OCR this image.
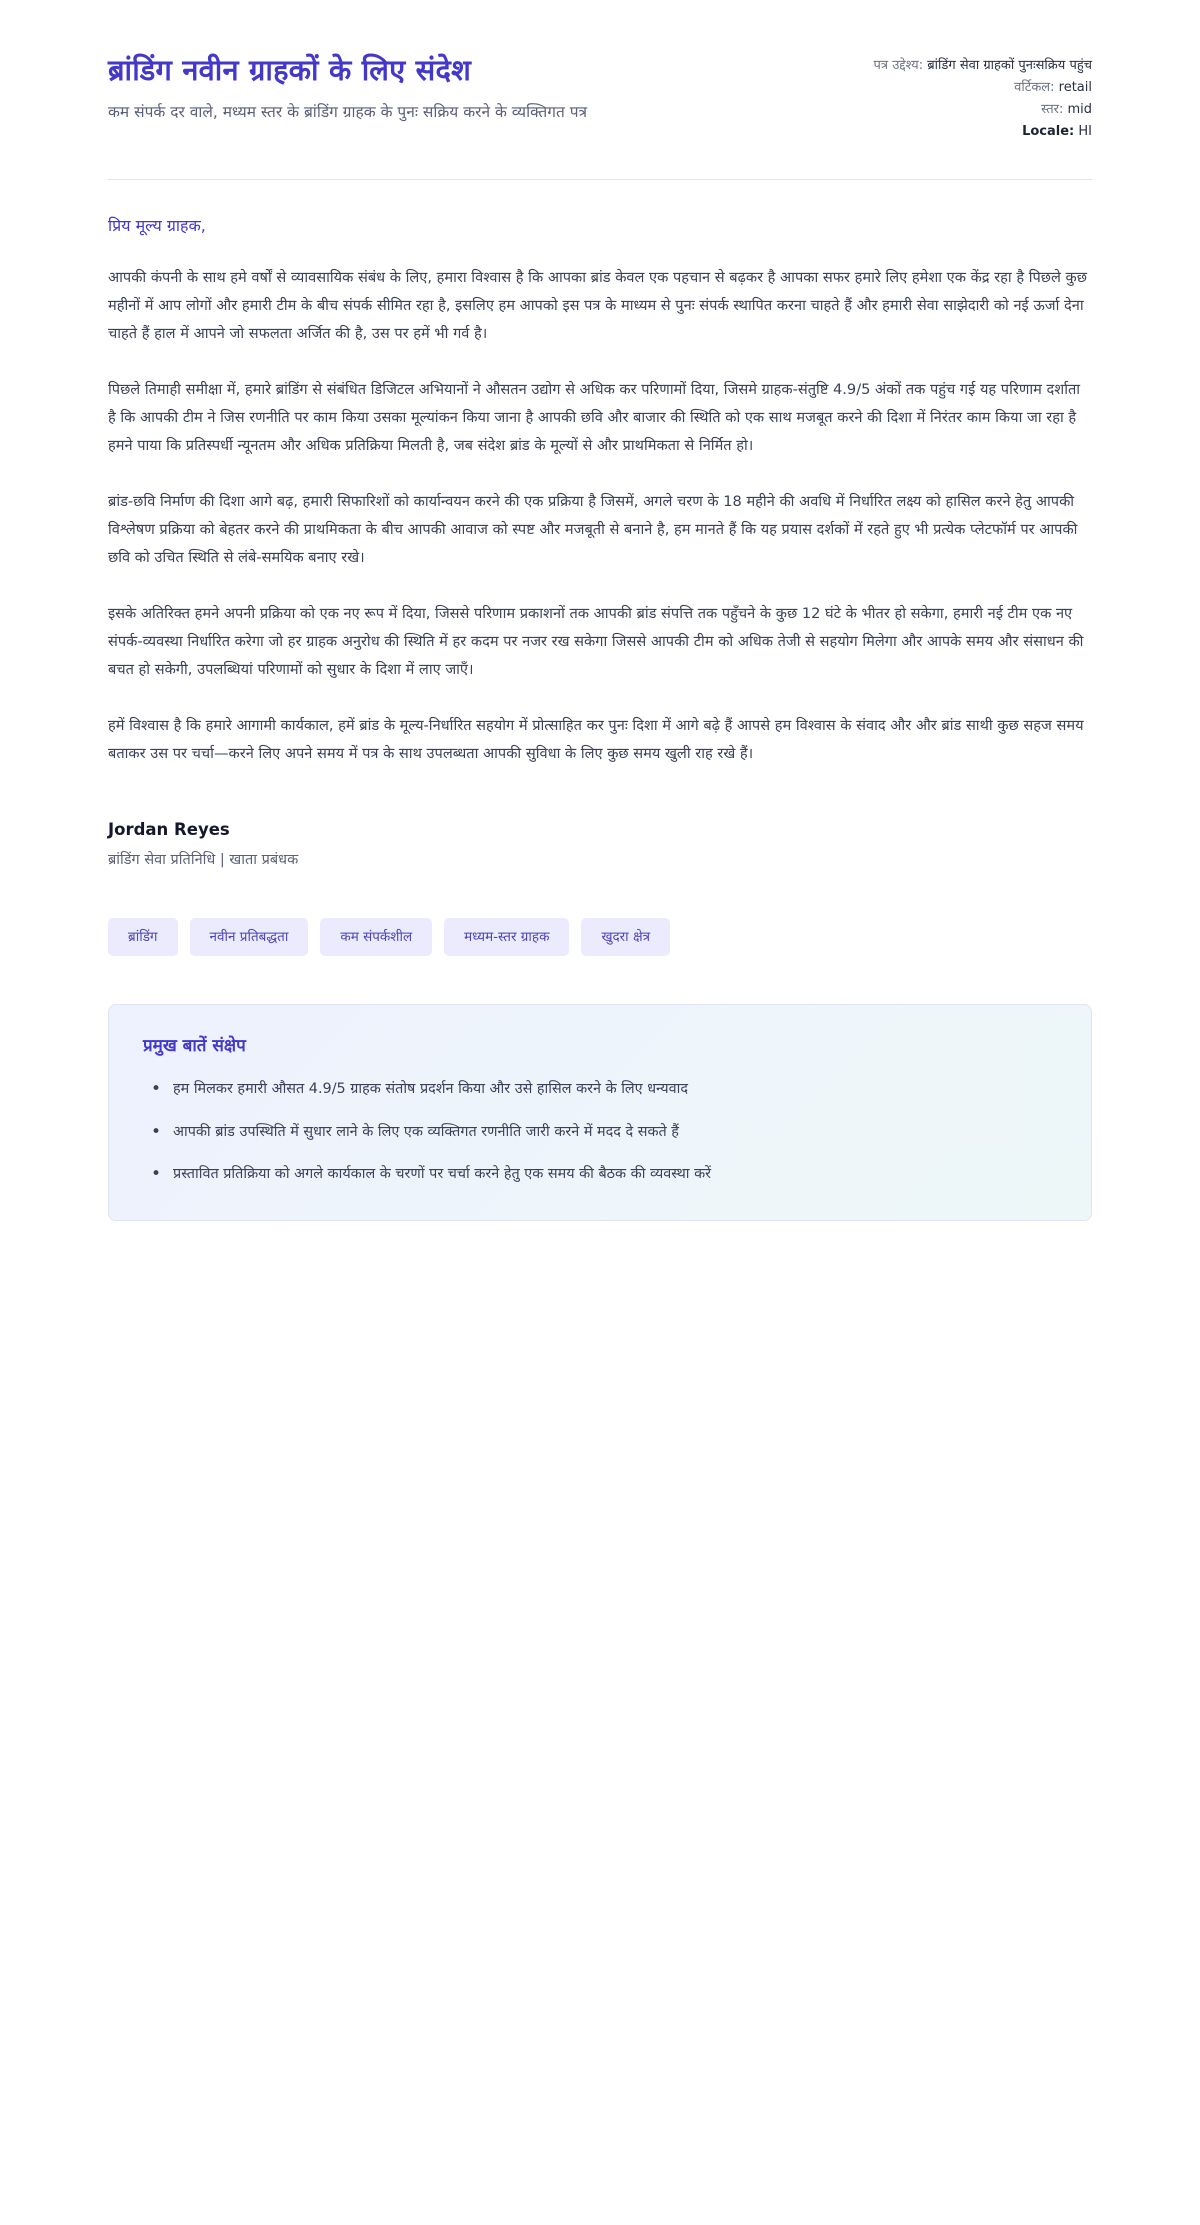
ब्रांडिंग नवीन ग्राहकों के लिए संदेश

कम संपर्क दर वाले, मध्यम स्तर के ब्रांडिंग ग्राहक के पुनः सक्रिय करने के व्यक्तिगत पत्र

पत्र उद्देश्य: ब्रांडिंग सेवा ग्राहकों पुनःसक्रिय पहुंच
वर्टिकल: retail
स्तर: mid
Locale: HI

प्रिय मूल्य ग्राहक,

आपकी कंपनी के साथ हमे वर्षों से व्यावसायिक संबंध के लिए, हमारा विश्वास है कि आपका ब्रांड केवल एक पहचान से बढ़कर है आपका सफर हमारे लिए हमेशा एक केंद्र रहा है पिछले कुछ महीनों में आप लोगों और हमारी टीम के बीच संपर्क सीमित रहा है, इसलिए हम आपको इस पत्र के माध्यम से पुनः संपर्क स्थापित करना चाहते हैं और हमारी सेवा साझेदारी को नई ऊर्जा देना चाहते हैं हाल में आपने जो सफलता अर्जित की है, उस पर हमें भी गर्व है।

पिछले तिमाही समीक्षा में, हमारे ब्रांडिंग से संबंधित डिजिटल अभियानों ने औसतन उद्योग से अधिक कर परिणामों दिया, जिसमे ग्राहक-संतुष्टि 4.9/5 अंकों तक पहुंच गई यह परिणाम दर्शाता है कि आपकी टीम ने जिस रणनीति पर काम किया उसका मूल्यांकन किया जाना है आपकी छवि और बाजार की स्थिति को एक साथ मजबूत करने की दिशा में निरंतर काम किया जा रहा है हमने पाया कि प्रतिस्पर्धी न्यूनतम और अधिक प्रतिक्रिया मिलती है, जब संदेश ब्रांड के मूल्यों से और प्राथमिकता से निर्मित हो।

ब्रांड-छवि निर्माण की दिशा आगे बढ़, हमारी सिफारिशों को कार्यान्वयन करने की एक प्रक्रिया है जिसमें, अगले चरण के 18 महीने की अवधि में निर्धारित लक्ष्य को हासिल करने हेतु आपकी विश्लेषण प्रक्रिया को बेहतर करने की प्राथमिकता के बीच आपकी आवाज को स्पष्ट और मजबूती से बनाने है, हम मानते हैं कि यह प्रयास दर्शकों में रहते हुए भी प्रत्येक प्लेटफॉर्म पर आपकी छवि को उचित स्थिति से लंबे-समयिक बनाए रखे।

इसके अतिरिक्त हमने अपनी प्रक्रिया को एक नए रूप में दिया, जिससे परिणाम प्रकाशनों तक आपकी ब्रांड संपत्ति तक पहुँचने के कुछ 12 घंटे के भीतर हो सकेगा, हमारी नई टीम एक नए संपर्क-व्यवस्था निर्धारित करेगा जो हर ग्राहक अनुरोध की स्थिति में हर कदम पर नजर रख सकेगा जिससे आपकी टीम को अधिक तेजी से सहयोग मिलेगा और आपके समय और संसाधन की बचत हो सकेगी, उपलब्धियां परिणामों को सुधार के दिशा में लाए जाएँ।

हमें विश्वास है कि हमारे आगामी कार्यकाल, हमें ब्रांड के मूल्य-निर्धारित सहयोग में प्रोत्साहित कर पुनः दिशा में आगे बढ़े हैं आपसे हम विश्वास के संवाद और और ब्रांड साथी कुछ सहज समय बताकर उस पर चर्चा—करने लिए अपने समय में पत्र के साथ उपलब्धता आपकी सुविधा के लिए कुछ समय खुली राह रखे हैं।

Jordan Reyes

ब्रांडिंग सेवा प्रतिनिधि | खाता प्रबंधक

ब्रांडिंग	नवीन प्रतिबद्धता	कम संपर्कशील	मध्यम-स्तर ग्राहक	खुदरा क्षेत्र
प्रमुख बातें संक्षेप
• हम मिलकर हमारी औसत 4.9/5 ग्राहक संतोष प्रदर्शन किया और उसे हासिल करने के लिए धन्यवाद
• आपकी ब्रांड उपस्थिति में सुधार लाने के लिए एक व्यक्तिगत रणनीति जारी करने में मदद दे सकते हैं
• प्रस्तावित प्रतिक्रिया को अगले कार्यकाल के चरणों पर चर्चा करने हेतु एक समय की बैठक की व्यवस्था करें
